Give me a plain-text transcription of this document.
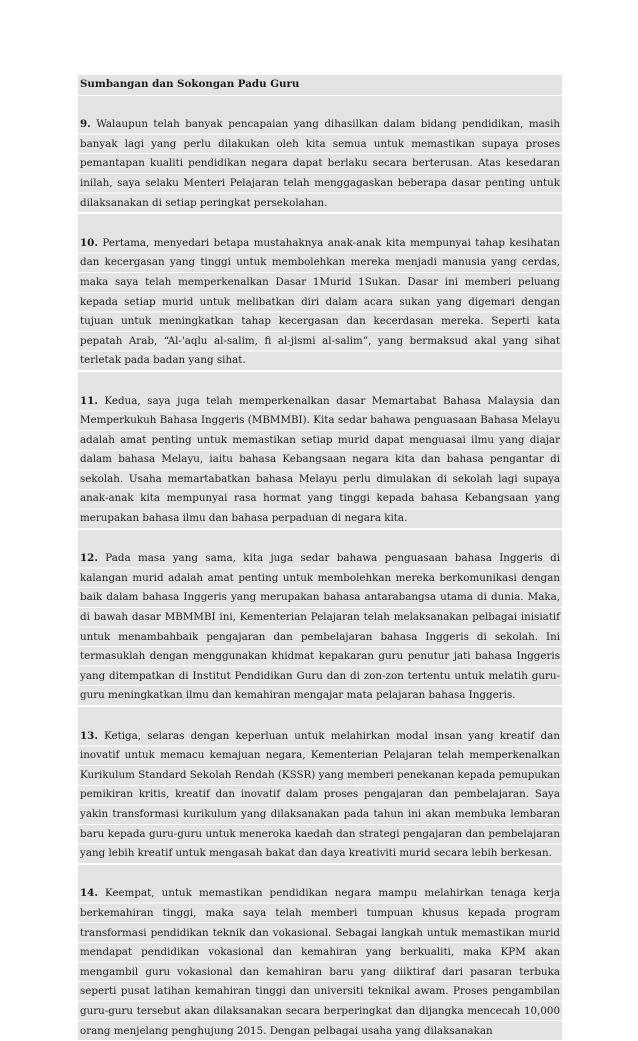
Sumbangan dan Sokongan Padu Guru
9. Walaupun telah banyak pencapaian yang dihasilkan dalam bidang pendidikan, masih banyak lagi yang perlu dilakukan oleh kita semua untuk memastikan supaya proses pemantapan kualiti pendidikan negara dapat berlaku secara berterusan. Atas kesedaran inilah, saya selaku Menteri Pelajaran telah menggagaskan beberapa dasar penting untuk dilaksanakan di setiap peringkat persekolahan.
10. Pertama, menyedari betapa mustahaknya anak-anak kita mempunyai tahap kesihatan dan kecergasan yang tinggi untuk membolehkan mereka menjadi manusia yang cerdas, maka saya telah memperkenalkan Dasar 1Murid 1Sukan. Dasar ini memberi peluang kepada setiap murid untuk melibatkan diri dalam acara sukan yang digemari dengan tujuan untuk meningkatkan tahap kecergasan dan kecerdasan mereka. Seperti kata pepatah Arab, “Al-'aqlu al-salim, fi al-jismi al-salim”, yang bermaksud akal yang sihat terletak pada badan yang sihat.
11. Kedua, saya juga telah memperkenalkan dasar Memartabat Bahasa Malaysia dan Memperkukuh Bahasa Inggeris (MBMMBI). Kita sedar bahawa penguasaan Bahasa Melayu adalah amat penting untuk memastikan setiap murid dapat menguasai ilmu yang diajar dalam bahasa Melayu, iaitu bahasa Kebangsaan negara kita dan bahasa pengantar di sekolah. Usaha memartabatkan bahasa Melayu perlu dimulakan di sekolah lagi supaya anak-anak kita mempunyai rasa hormat yang tinggi kepada bahasa Kebangsaan yang merupakan bahasa ilmu dan bahasa perpaduan di negara kita.
12. Pada masa yang sama, kita juga sedar bahawa penguasaan bahasa Inggeris di kalangan murid adalah amat penting untuk membolehkan mereka berkomunikasi dengan baik dalam bahasa Inggeris yang merupakan bahasa antarabangsa utama di dunia. Maka, di bawah dasar MBMMBI ini, Kementerian Pelajaran telah melaksanakan pelbagai inisiatif untuk menambahbaik pengajaran dan pembelajaran bahasa Inggeris di sekolah. Ini termasuklah dengan menggunakan khidmat kepakaran guru penutur jati bahasa Inggeris yang ditempatkan di Institut Pendidikan Guru dan di zon-zon tertentu untuk melatih guru-guru meningkatkan ilmu dan kemahiran mengajar mata pelajaran bahasa Inggeris.
13. Ketiga, selaras dengan keperluan untuk melahirkan modal insan yang kreatif dan inovatif untuk memacu kemajuan negara, Kementerian Pelajaran telah memperkenalkan Kurikulum Standard Sekolah Rendah (KSSR) yang memberi penekanan kepada pemupukan pemikiran kritis, kreatif dan inovatif dalam proses pengajaran dan pembelajaran. Saya yakin transformasi kurikulum yang dilaksanakan pada tahun ini akan membuka lembaran baru kepada guru-guru untuk meneroka kaedah dan strategi pengajaran dan pembelajaran yang lebih kreatif untuk mengasah bakat dan daya kreativiti murid secara lebih berkesan.
14. Keempat, untuk memastikan pendidikan negara mampu melahirkan tenaga kerja berkemahiran tinggi, maka saya telah memberi tumpuan khusus kepada program transformasi pendidikan teknik dan vokasional. Sebagai langkah untuk memastikan murid mendapat pendidikan vokasional dan kemahiran yang berkualiti, maka KPM akan mengambil guru vokasional dan kemahiran baru yang diiktiraf dari pasaran terbuka seperti pusat latihan kemahiran tinggi dan universiti teknikal awam. Proses pengambilan guru-guru tersebut akan dilaksanakan secara berperingkat dan dijangka mencecah 10,000 orang menjelang penghujung 2015. Dengan pelbagai usaha yang dilaksanakan
